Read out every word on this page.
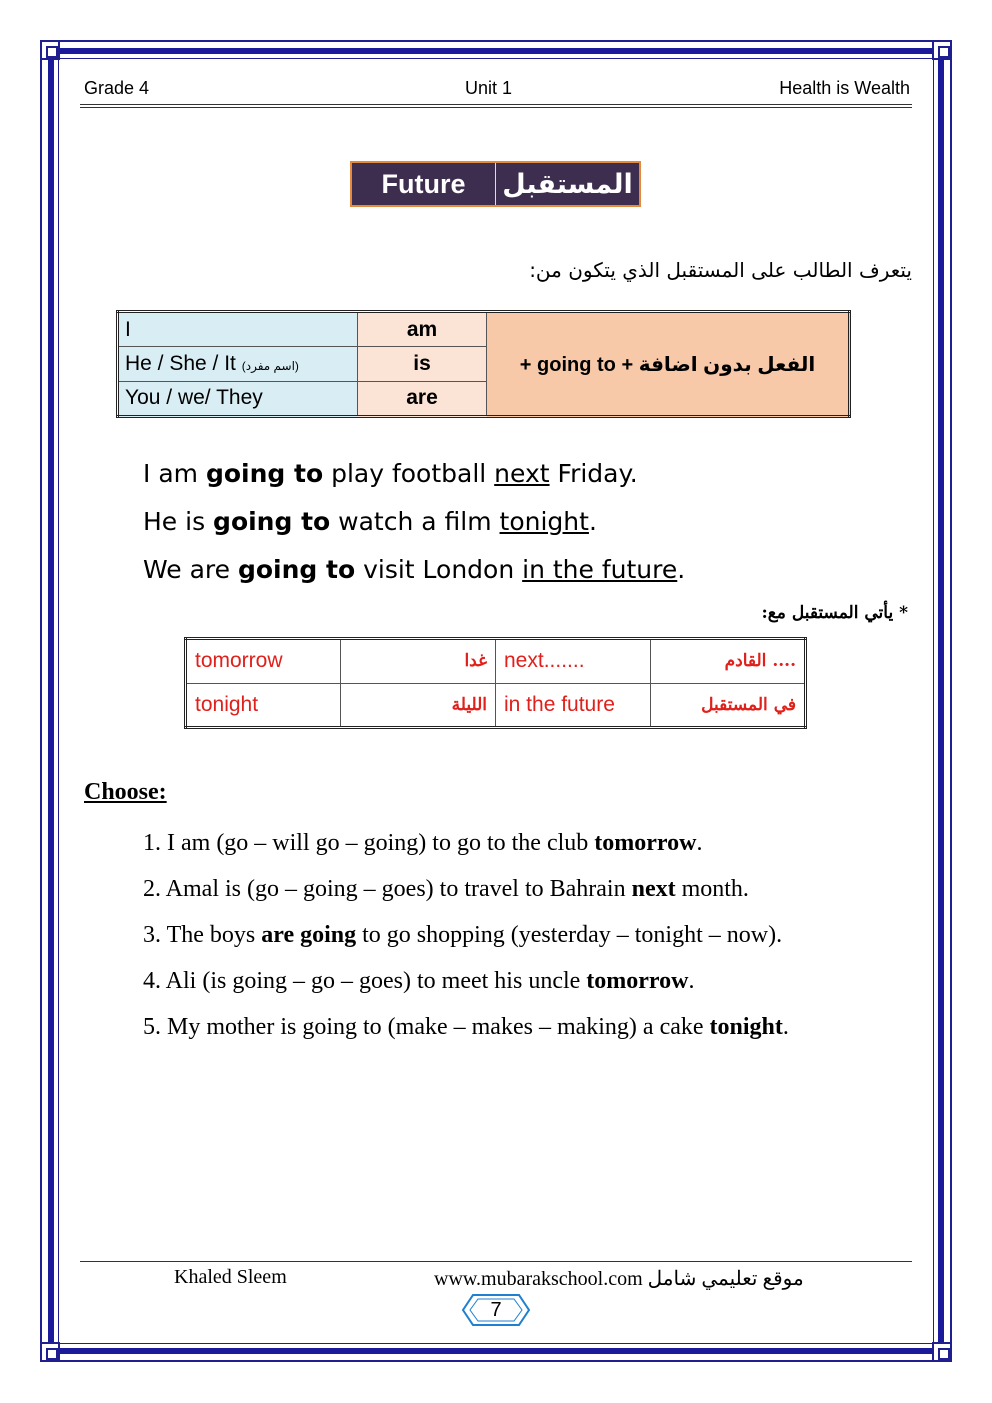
Grade 4	Unit 1	Health is Wealth
Future	المستقبل
يتعرف الطالب على المستقبل الذي يتكون من:
I	am	+ going to + الفعل بدون اضافة
He / She / It (اسم مفرد)	is	
You / we/ They	are	
I am going to play football next Friday.
He is going to watch a film tonight.
We are going to visit London in the future.
* يأتي المستقبل مع:
tomorrow	غدا	next.......	.... القادم
tonight	الليلة	in the future	في المستقبل
Choose:
1. I am (go – will go – going) to go to the club tomorrow.
2. Amal is (go – going – goes) to travel to Bahrain next month.
3. The boys are going to go shopping (yesterday – tonight – now).
4. Ali (is going – go – goes) to meet his uncle tomorrow.
5. My mother is going to (make – makes – making) a cake tonight.
Khaled Sleem	www.mubarakschool.com موقع تعليمي شامل
7
